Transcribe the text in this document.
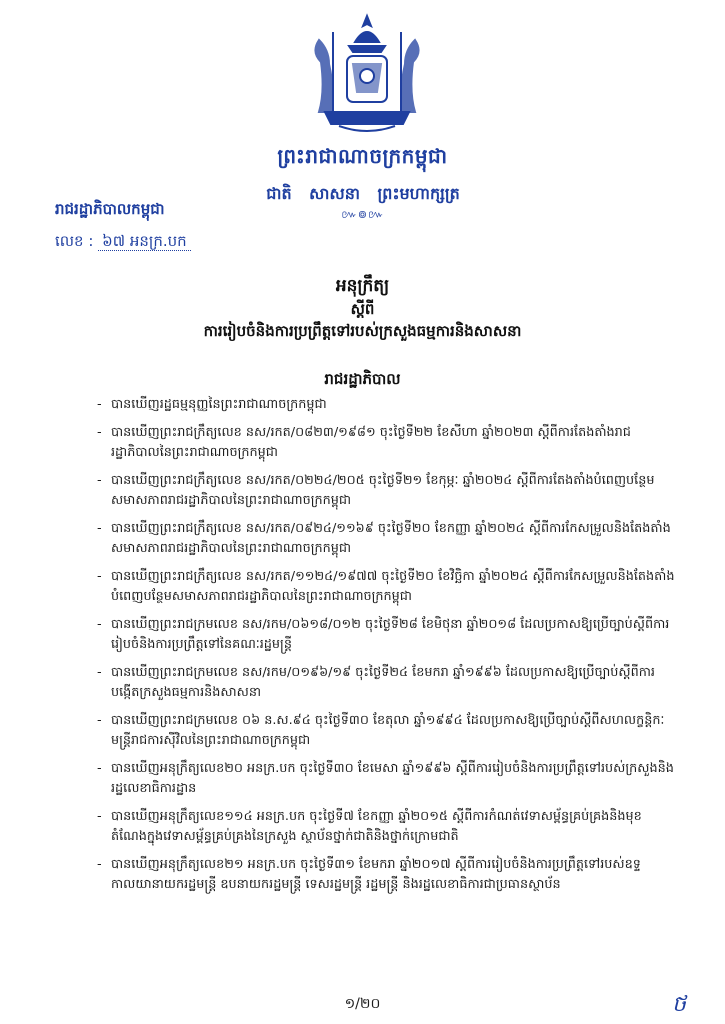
ព្រះរាជាណាចក្រកម្ពុជា
ជាតិ សាសនា ព្រះមហាក្សត្រ
៚៙៚
រាជរដ្ឋាភិបាលកម្ពុជា
លេខ : ៦៧ អនក្រ.បក
អនុក្រឹត្យ
ស្តីពី
ការរៀបចំនិងការប្រព្រឹត្តទៅរបស់ក្រសួងធម្មការនិងសាសនា
រាជរដ្ឋាភិបាល
- បានឃើញរដ្ឋធម្មនុញ្ញនៃព្រះរាជាណាចក្រកម្ពុជា
- បានឃើញព្រះរាជក្រឹត្យលេខ នស/រកត/០៨២៣/១៩៨១ ចុះថ្ងៃទី២២ ខែសីហា ឆ្នាំ២០២៣ ស្តីពីការតែងតាំងរាជរដ្ឋាភិបាលនៃព្រះរាជាណាចក្រកម្ពុជា
- បានឃើញព្រះរាជក្រឹត្យលេខ នស/រកត/០២២៤/២០៥ ចុះថ្ងៃទី២១ ខែកុម្ភៈ ឆ្នាំ២០២៤ ស្តីពីការតែងតាំងបំពេញបន្ថែមសមាសភាពរាជរដ្ឋាភិបាលនៃព្រះរាជាណាចក្រកម្ពុជា
- បានឃើញព្រះរាជក្រឹត្យលេខ នស/រកត/០៩២៤/១១៦៩ ចុះថ្ងៃទី២០ ខែកញ្ញា ឆ្នាំ២០២៤ ស្តីពីការកែសម្រួលនិងតែងតាំងសមាសភាពរាជរដ្ឋាភិបាលនៃព្រះរាជាណាចក្រកម្ពុជា
- បានឃើញព្រះរាជក្រឹត្យលេខ នស/រកត/១១២៤/១៩៧៧ ចុះថ្ងៃទី២០ ខែវិច្ឆិកា ឆ្នាំ២០២៤ ស្តីពីការកែសម្រួលនិងតែងតាំងបំពេញបន្ថែមសមាសភាពរាជរដ្ឋាភិបាលនៃព្រះរាជាណាចក្រកម្ពុជា
- បានឃើញព្រះរាជក្រមលេខ នស/រកម/០៦១៨/០១២ ចុះថ្ងៃទី២៨ ខែមិថុនា ឆ្នាំ២០១៨ ដែលប្រកាសឱ្យប្រើច្បាប់ស្តីពីការរៀបចំនិងការប្រព្រឹត្តទៅនៃគណៈរដ្ឋមន្ត្រី
- បានឃើញព្រះរាជក្រមលេខ នស/រកម/០១៩៦/១៩ ចុះថ្ងៃទី២៤ ខែមករា ឆ្នាំ១៩៩៦ ដែលប្រកាសឱ្យប្រើច្បាប់ស្តីពីការបង្កើតក្រសួងធម្មការនិងសាសនា
- បានឃើញព្រះរាជក្រមលេខ ០៦ ន.ស.៩៤ ចុះថ្ងៃទី៣០ ខែតុលា ឆ្នាំ១៩៩៤ ដែលប្រកាសឱ្យប្រើច្បាប់ស្តីពីសហលក្ខន្តិកៈមន្ត្រីរាជការស៊ីវិលនៃព្រះរាជាណាចក្រកម្ពុជា
- បានឃើញអនុក្រឹត្យលេខ២០ អនក្រ.បក ចុះថ្ងៃទី៣០ ខែមេសា ឆ្នាំ១៩៩៦ ស្តីពីការរៀបចំនិងការប្រព្រឹត្តទៅរបស់ក្រសួងនិងរដ្ឋលេខាធិការដ្ឋាន
- បានឃើញអនុក្រឹត្យលេខ១១៤ អនក្រ.បក ចុះថ្ងៃទី៧ ខែកញ្ញា ឆ្នាំ២០១៥ ស្តីពីការកំណត់វេទាសម្ព័ន្ធគ្រប់គ្រងនិងមុខតំណែងក្នុងវេទាសម្ព័ន្ធគ្រប់គ្រងនៃក្រសួង ស្ថាប័នថ្នាក់ជាតិនិងថ្នាក់ក្រោមជាតិ
- បានឃើញអនុក្រឹត្យលេខ២១ អនក្រ.បក ចុះថ្ងៃទី៣១ ខែមករា ឆ្នាំ២០១៧ ស្តីពីការរៀបចំនិងការប្រព្រឹត្តទៅរបស់ឧទ្ទកាលយានាយករដ្ឋមន្ត្រី ឧបនាយករដ្ឋមន្ត្រី ទេសរដ្ឋមន្ត្រី រដ្ឋមន្ត្រី និងរដ្ឋលេខាធិការជាប្រធានស្ថាប័ន
១/២០	ថ
